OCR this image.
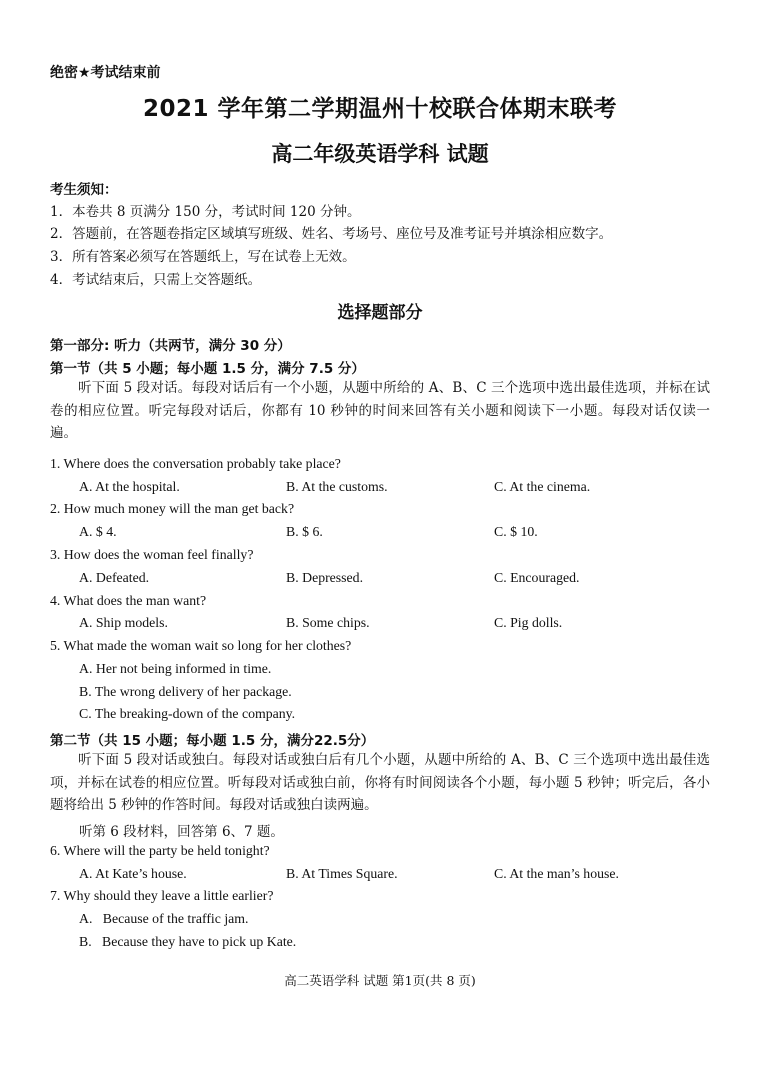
绝密★考试结束前
2021 学年第二学期温州十校联合体期末联考
高二年级英语学科 试题
考生须知：
1．本卷共 8 页满分 150 分，考试时间 120 分钟。
2．答题前，在答题卷指定区域填写班级、姓名、考场号、座位号及准考证号并填涂相应数字。
3．所有答案必须写在答题纸上，写在试卷上无效。
4．考试结束后，只需上交答题纸。
选择题部分
第一部分: 听力（共两节，满分 30 分）
第一节（共 5 小题；每小题 1.5 分，满分 7.5 分）
听下面 5 段对话。每段对话后有一个小题，从题中所给的 A、B、C 三个选项中选出最佳选项，并标在试卷的相应位置。听完每段对话后，你都有 10 秒钟的时间来回答有关小题和阅读下一小题。每段对话仅读一遍。
1. Where does the conversation probably take place?
A. At the hospital.	B. At the customs.	C. At the cinema.
2. How much money will the man get back?
A. $ 4.	B. $ 6.	C. $ 10.
3. How does the woman feel finally?
A. Defeated.	B. Depressed.	C. Encouraged.
4. What does the man want?
A. Ship models.	B. Some chips.	C. Pig dolls.
5. What made the woman wait so long for her clothes?
A. Her not being informed in time.
B. The wrong delivery of her package.
C. The breaking-down of the company.
第二节（共 15 小题；每小题 1.5 分，满分22.5分）
听下面 5 段对话或独白。每段对话或独白后有几个小题，从题中所给的 A、B、C 三个选项中选出最佳选项，并标在试卷的相应位置。听每段对话或独白前，你将有时间阅读各个小题，每小题 5 秒钟；听完后，各小题将给出 5 秒钟的作答时间。每段对话或独白读两遍。
听第 6 段材料，回答第 6、7 题。
6. Where will the party be held tonight?
A. At Kate’s house.	B. At Times Square.	C. At the man’s house.
7. Why should they leave a little earlier?
A.   Because of the traffic jam.
B.   Because they have to pick up Kate.
高二英语学科 试题 第1页(共 8 页)
